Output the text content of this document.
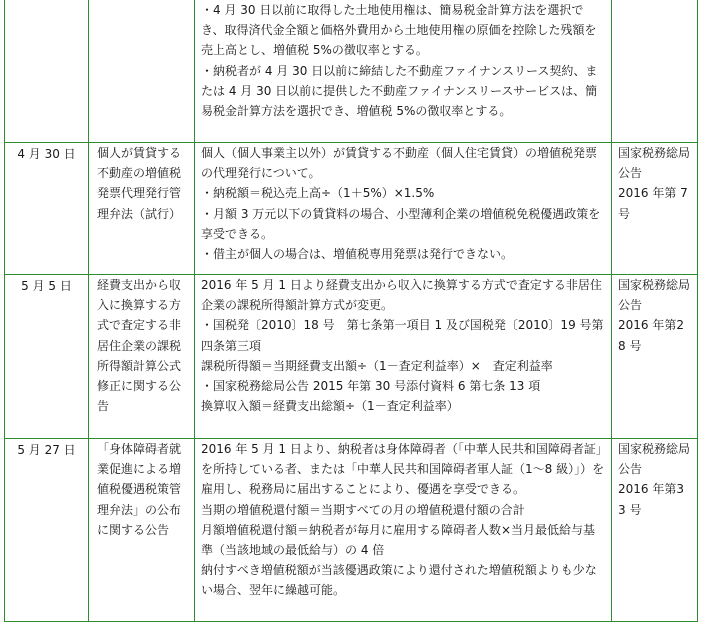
		・4 月 30 日以前に取得した土地使用権は、簡易税金計算方法を選択でき、取得済代金全額と価格外費用から土地使用権の原価を控除した残額を売上高とし、増値税 5%の徴収率とする。
・納税者が 4 月 30 日以前に締結した不動産ファイナンスリース契約、または 4 月 30 日以前に提供した不動産ファイナンスリースサービスは、簡易税金計算方法を選択でき、増値税 5%の徴収率とする。	

4 月 30 日	個人が賃貸する不動産の増値税発票代理発行管理弁法（試行）	個人（個人事業主以外）が賃貸する不動産（個人住宅賃貸）の増値税発票の代理発行について。
・納税額＝税込売上高÷（1＋5%）×1.5%
・月額 3 万元以下の賃貸料の場合、小型薄利企業の増値税免税優遇政策を享受できる。
・借主が個人の場合は、増値税専用発票は発行できない。	国家税務総局公告
2016 年第 7 号

5 月 5 日	経費支出から収入に換算する方式で査定する非居住企業の課税所得額計算公式修正に関する公告	2016 年 5 月 1 日より経費支出から収入に換算する方式で査定する非居住企業の課税所得額計算方式が変更。
・国税発〔2010〕18 号　第七条第一項目 1 及び国税発〔2010〕19 号第四条第三項
課税所得額＝当期経費支出額÷（1－査定利益率）×　査定利益率
・国家税務総局公告 2015 年第 30 号添付資料 6 第七条 13 項
換算収入額＝経費支出総額÷（1－査定利益率）	国家税務総局公告
2016 年第28 号

5 月 27 日	「身体障碍者就業促進による増値税優遇税策管理弁法」の公布に関する公告	2016 年 5 月 1 日より、納税者は身体障碍者（「中華人民共和国障碍者証」を所持している者、または「中華人民共和国障碍者軍人証（1～8 級）」）を雇用し、税務局に届出することにより、優遇を享受できる。
当期の増値税還付額＝当期すべての月の増値税還付額の合計
月額増値税還付額＝納税者が毎月に雇用する障碍者人数×当月最低給与基準（当該地域の最低給与）の 4 倍
納付すべき増値税額が当該優遇政策により還付された増値税額よりも少ない場合、翌年に繰越可能。	国家税務総局公告
2016 年第33 号
